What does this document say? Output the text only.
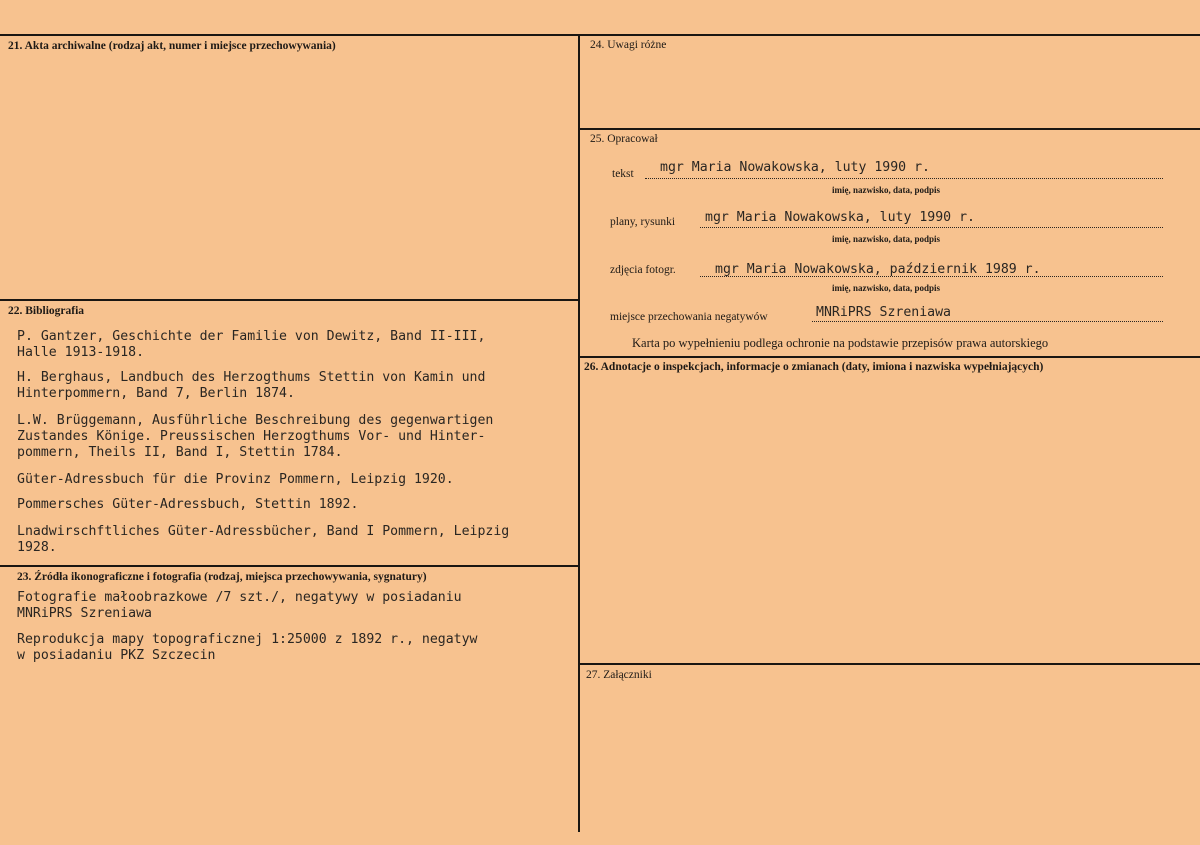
21. Akta archiwalne (rodzaj akt, numer i miejsce przechowywania)
22. Bibliografia
P. Gantzer, Geschichte der Familie von Dewitz, Band II-III,
Halle 1913-1918.
H. Berghaus, Landbuch des Herzogthums Stettin von Kamin und
Hinterpommern, Band 7, Berlin 1874.
L.W. Brüggemann, Ausführliche Beschreibung des gegenwartigen
Zustandes Könige. Preussischen Herzogthums Vor- und Hinter-
pommern, Theils II, Band I, Stettin 1784.
Güter-Adressbuch für die Provinz Pommern, Leipzig 1920.
Pommersches Güter-Adressbuch, Stettin 1892.
Lnadwirschftliches Güter-Adressbücher, Band I Pommern, Leipzig
1928.
23. Źródła ikonograficzne i fotografia (rodzaj, miejsca przechowywania, sygnatury)
Fotografie małoobrazkowe /7 szt./, negatywy w posiadaniu
MNRiPRS Szreniawa
Reprodukcja mapy topograficznej 1:25000 z 1892 r., negatyw
w posiadaniu PKZ Szczecin
24. Uwagi różne
25. Opracował
tekst mgr Maria Nowakowska, luty 1990 r.
imię, nazwisko, data, podpis
plany, rysunki mgr Maria Nowakowska, luty 1990 r.
imię, nazwisko, data, podpis
zdjęcia fotogr.	mgr Maria Nowakowska, październik 1989 r.
imię, nazwisko, data, podpis
miejsce przechowania negatywów	MNRiPRS Szreniawa
Karta po wypełnieniu podlega ochronie na podstawie przepisów prawa autorskiego
26. Adnotacje o inspekcjach, informacje o zmianach (daty, imiona i nazwiska wypełniających)
27. Załączniki
